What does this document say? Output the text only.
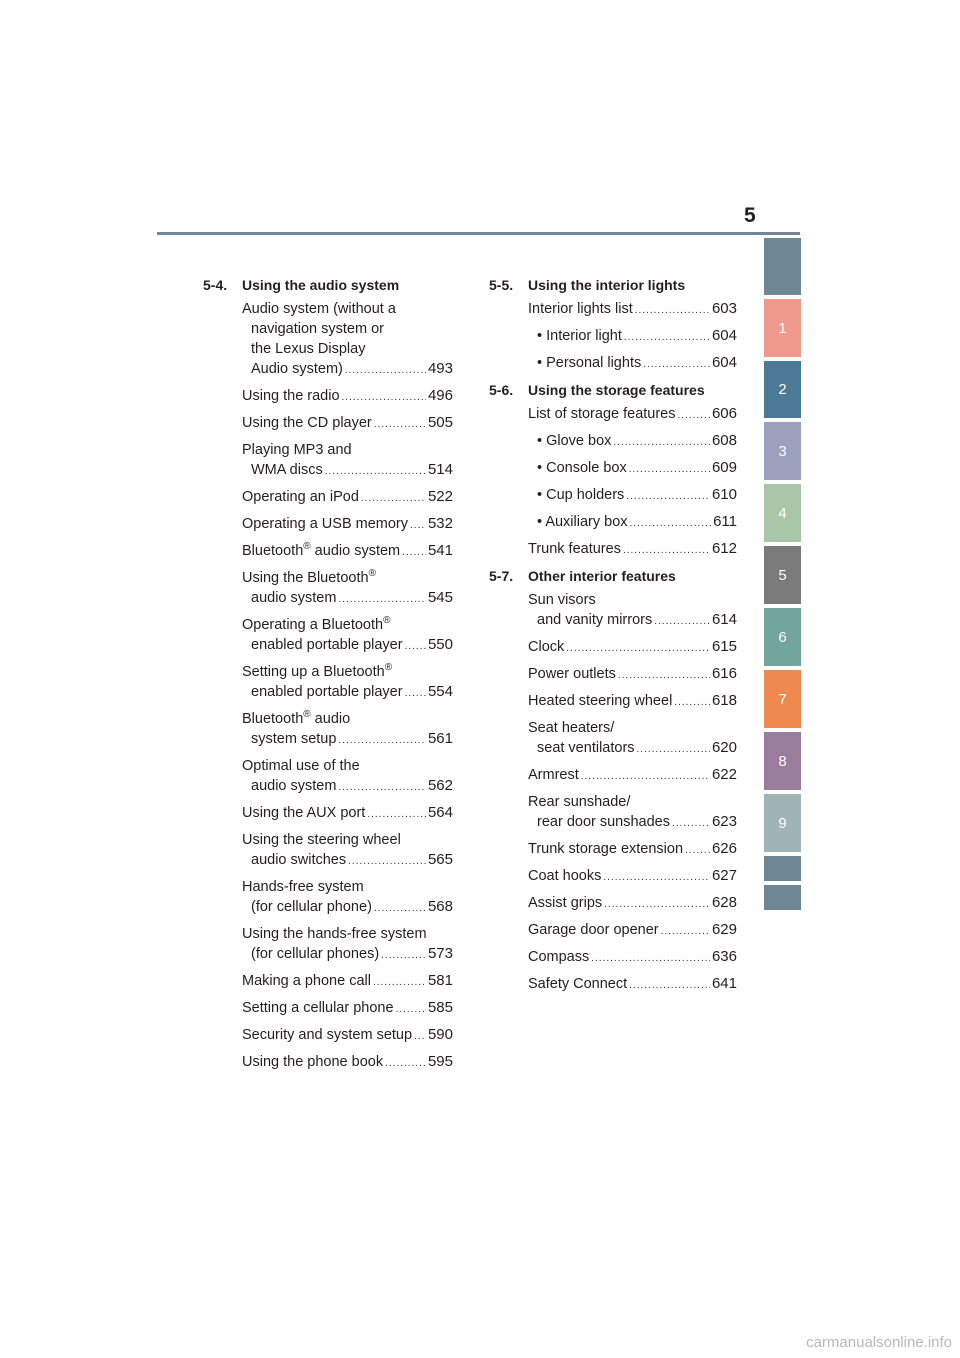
5
1
2
3
4
5
6
7
8
9
5-4.	Using the audio system
Audio system (without a
navigation system or
the Lexus Display
Audio system) .....	493
Using the radio .....	496
Using the CD player .....	505
Playing MP3 and
WMA discs .....	514
Operating an iPod .....	522
Operating a USB memory ..... 532
Bluetooth® audio system ..... 541
Using the Bluetooth®
audio system .....	545
Operating a Bluetooth®
enabled portable player ..... 550
Setting up a Bluetooth®
enabled portable player ..... 554
Bluetooth® audio
system setup .....	561
Optimal use of the
audio system .....	562
Using the AUX port .....	564
Using the steering wheel
audio switches .....	565
Hands-free system
(for cellular phone) .....	568
Using the hands-free system
(for cellular phones) .....	573
Making a phone call .....	581
Setting a cellular phone ..... 585
Security and system setup ..... 590
Using the phone book .....	595
5-5.	Using the interior lights
Interior lights list .....	603
• Interior light .....	604
• Personal lights .....	604
5-6.	Using the storage features
List of storage features ..... 606
• Glove box .....	608
• Console box .....	609
• Cup holders .....	610
• Auxiliary box .....	611
Trunk features .....	612
5-7.	Other interior features
Sun visors
and vanity mirrors .....	614
Clock .....	615
Power outlets .....	616
Heated steering wheel .....	618
Seat heaters/
seat ventilators .....	620
Armrest .....	622
Rear sunshade/
rear door sunshades .....	623
Trunk storage extension ..... 626
Coat hooks .....	627
Assist grips .....	628
Garage door opener .....	629
Compass .....	636
Safety Connect .....	641
carmanualsonline.info
